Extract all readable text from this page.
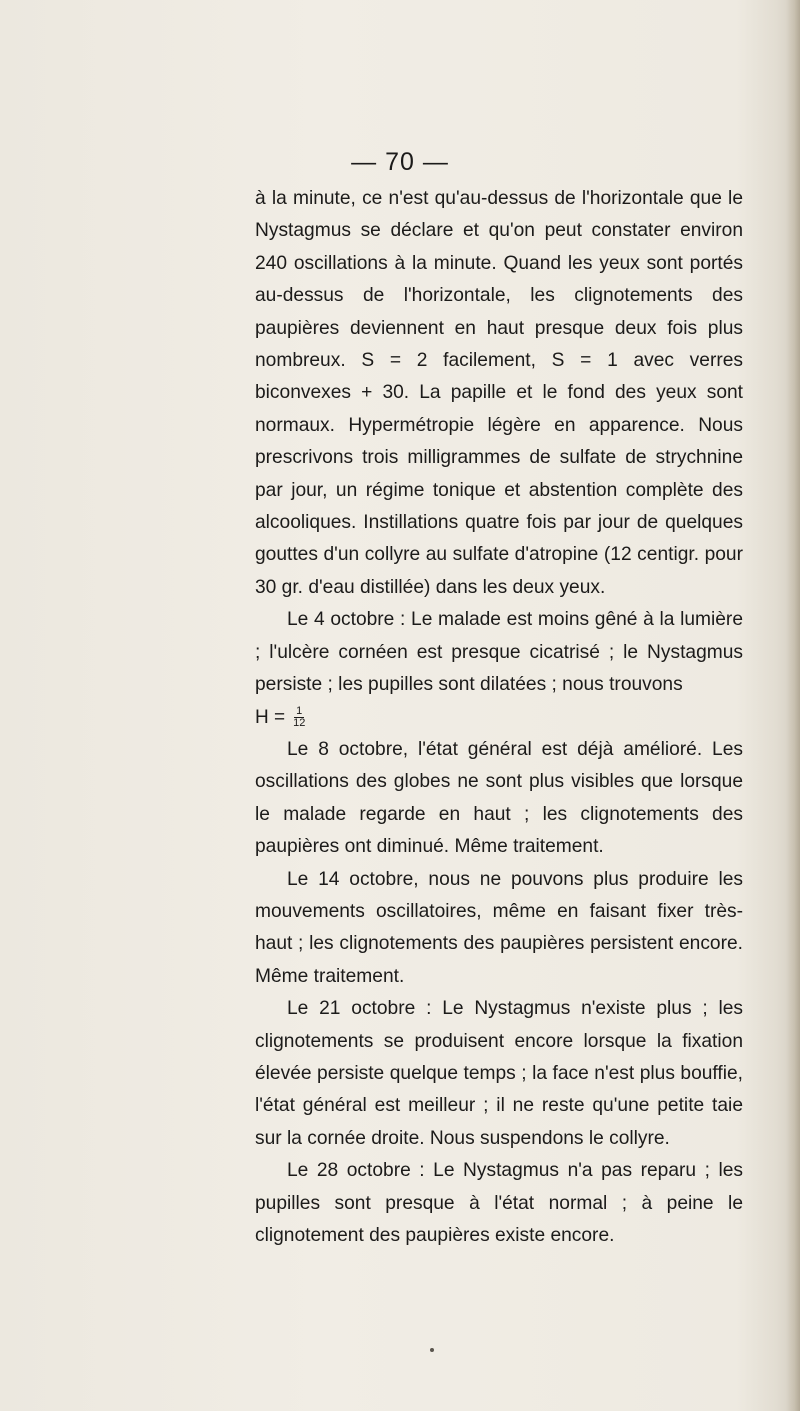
— 70 —

à la minute, ce n'est qu'au-dessus de l'horizontale que le Nystagmus se déclare et qu'on peut constater environ 240 oscillations à la minute. Quand les yeux sont portés au-dessus de l'horizontale, les clignotements des paupières deviennent en haut presque deux fois plus nombreux. S = 2 facilement, S = 1 avec verres biconvexes + 30. La papille et le fond des yeux sont normaux. Hypermétropie légère en apparence. Nous prescrivons trois milligrammes de sulfate de strychnine par jour, un régime tonique et abstention complète des alcooliques. Instillations quatre fois par jour de quelques gouttes d'un collyre au sulfate d'atropine (12 centigr. pour 30 gr. d'eau distillée) dans les deux yeux.

Le 4 octobre : Le malade est moins gêné à la lumière ; l'ulcère cornéen est presque cicatrisé ; le Nystagmus persiste ; les pupilles sont dilatées ; nous trouvons

$H = \frac{1}{12}$

Le 8 octobre, l'état général est déjà amélioré. Les oscillations des globes ne sont plus visibles que lorsque le malade regarde en haut ; les clignotements des paupières ont diminué. Même traitement.

Le 14 octobre, nous ne pouvons plus produire les mouvements oscillatoires, même en faisant fixer très-haut ; les clignotements des paupières persistent encore. Même traitement.

Le 21 octobre : Le Nystagmus n'existe plus ; les clignotements se produisent encore lorsque la fixation élevée persiste quelque temps ; la face n'est plus bouffie, l'état général est meilleur ; il ne reste qu'une petite taie sur la cornée droite. Nous suspendons le collyre.

Le 28 octobre : Le Nystagmus n'a pas reparu ; les pupilles sont presque à l'état normal ; à peine le clignotement des paupières existe encore.
